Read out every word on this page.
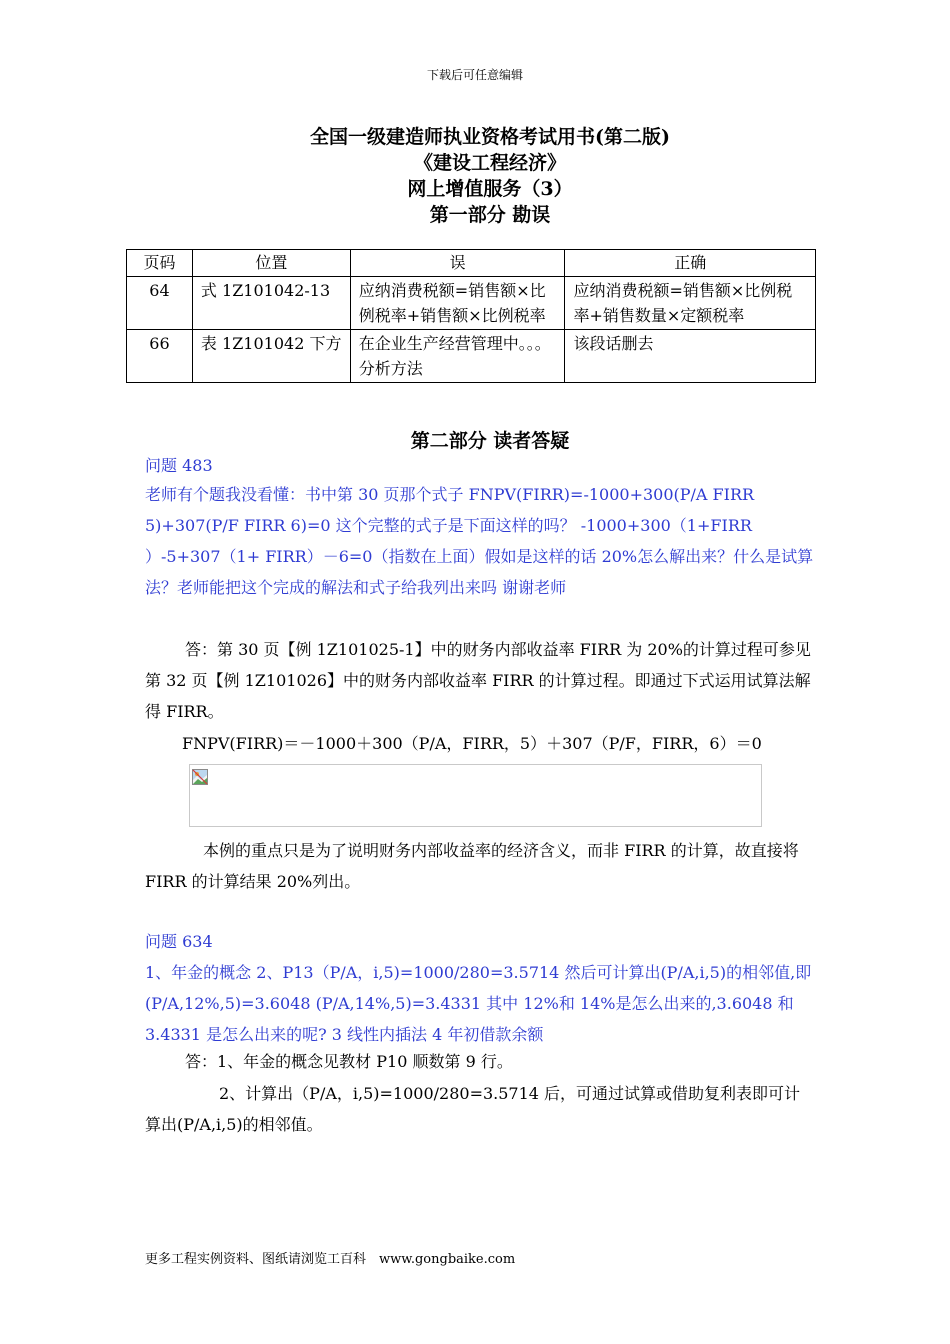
下载后可任意编辑
全国一级建造师执业资格考试用书(第二版)
《建设工程经济》
网上增值服务（3）
第一部分 勘误
页码	位置	误	正确
64	式 1Z101042-13	应纳消费税额=销售额×比例税率+销售额×比例税率	应纳消费税额=销售额×比例税率+销售数量×定额税率
66	表 1Z101042 下方	在企业生产经营管理中。。。分析方法	该段话删去
第二部分 读者答疑
问题 483
老师有个题我没看懂：书中第 30 页那个式子 FNPV(FIRR)=-1000+300(P/A FIRR 5)+307(P/F FIRR 6)=0 这个完整的式子是下面这样的吗？ -1000+300（1+FIRR ）-5+307（1+ FIRR）－6=0（指数在上面）假如是这样的话 20%怎么解出来？什么是试算法？老师能把这个完成的解法和式子给我列出来吗 谢谢老师
答：第 30 页【例 1Z101025-1】中的财务内部收益率 FIRR 为 20%的计算过程可参见第 32 页【例 1Z101026】中的财务内部收益率 FIRR 的计算过程。即通过下式运用试算法解得 FIRR。
FNPV(FIRR)＝－1000＋300（P/A，FIRR，5）＋307（P/F，FIRR，6）＝0
本例的重点只是为了说明财务内部收益率的经济含义，而非 FIRR 的计算，故直接将 FIRR 的计算结果 20%列出。
问题 634
1、年金的概念 2、P13（P/A，i,5)=1000/280=3.5714 然后可计算出(P/A,i,5)的相邻值,即(P/A,12%,5)=3.6048 (P/A,14%,5)=3.4331 其中 12%和 14%是怎么出来的,3.6048 和 3.4331 是怎么出来的呢? 3 线性内插法 4 年初借款余额
答：1、年金的概念见教材 P10 顺数第 9 行。
2、计算出（P/A，i,5)=1000/280=3.5714 后，可通过试算或借助复利表即可计算出(P/A,i,5)的相邻值。
更多工程实例资料、图纸请浏览工百科　www.gongbaike.com
